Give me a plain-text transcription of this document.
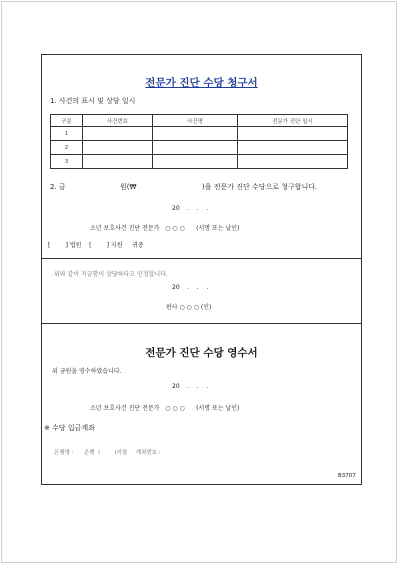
전문가 진단 수당 청구서
1. 사건의 표시 및 상담 일시
구분	사건번호	사건명	전문가 진단 일시
1			
2			
3			
2. 금	원(₩	)을 전문가 진단 수당으로 청구합니다.
20    .    .    .
소년 보호사건 진단 전문가   ○ ○ ○      (서명 또는 날인)
[        ] 법원    [        ] 지원     귀중
위와 같이 지급함이 상당하다고 인정합니다.
20    .    .    .
판사 ○ ○ ○ (인)
전문가 진단 수당 영수서
위 금원을 영수하였습니다.
20    .    .    .
소년 보호사건 진단 전문가   ○ ○ ○      (서명 또는 날인)
※ 수당 입금계좌
은행명 :      은행  (        )지점     계좌번호 :
B3707
